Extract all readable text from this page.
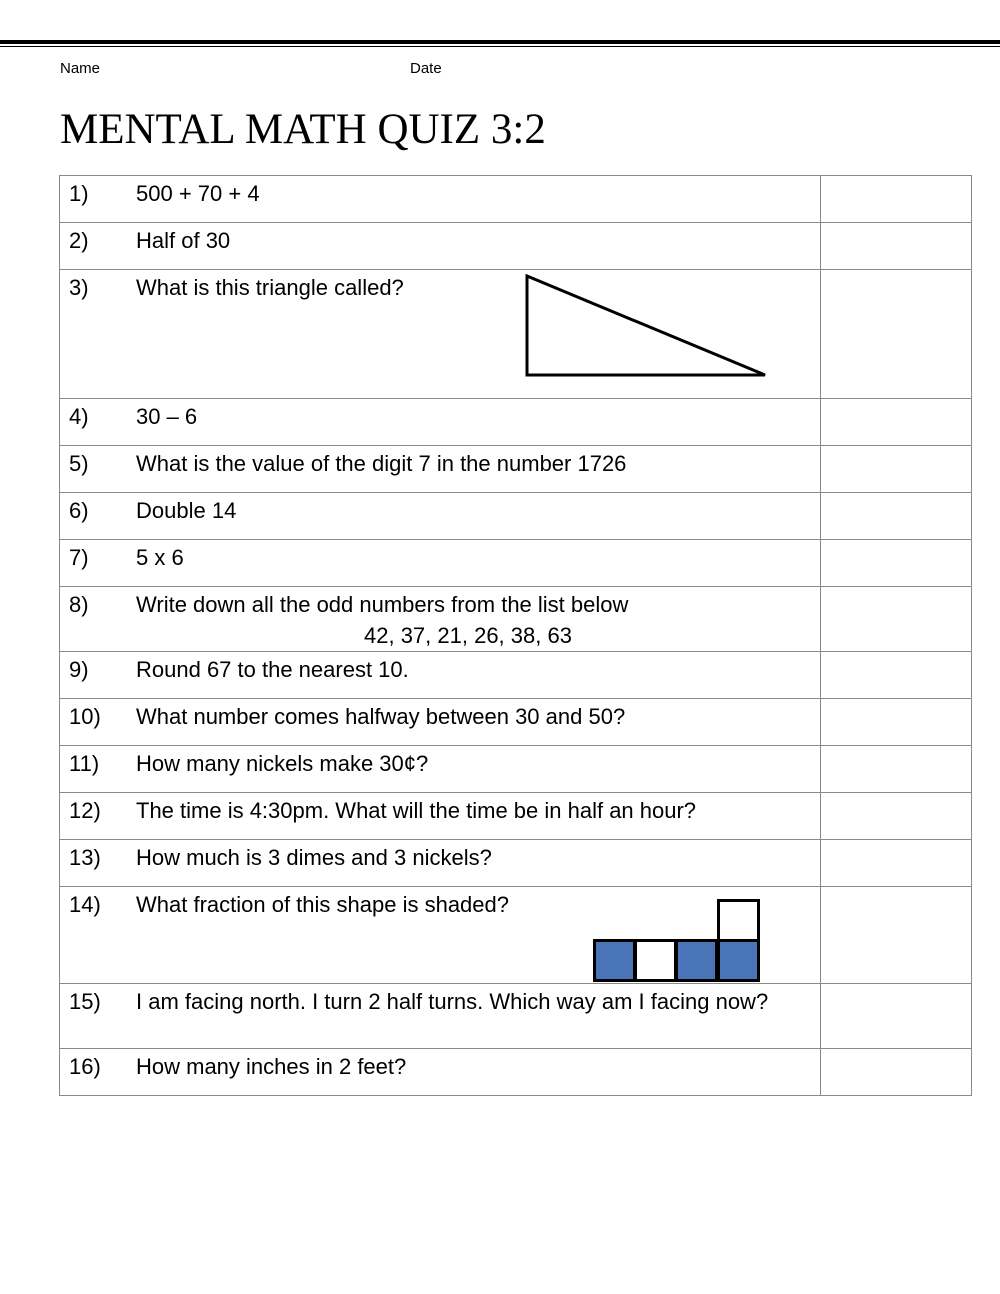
Name	Date
MENTAL MATH QUIZ 3:2
1) 500 + 70 + 4	

2) Half of 30	

3) What is this triangle called?	

4) 30 – 6	

5) What is the value of the digit 7 in the number 1726	

6) Double 14	

7) 5 x 6	

8) Write down all the odd numbers from the list below
42, 37, 21, 26, 38, 63	

9) Round 67 to the nearest 10.	

10) What number comes halfway between 30 and 50?	

11) How many nickels make 30¢?	

12) The time is 4:30pm. What will the time be in half an hour?	

13) How much is 3 dimes and 3 nickels?	

14) What fraction of this shape is shaded?	

15) I am facing north. I turn 2 half turns. Which way am I facing now?	

16) How many inches in 2 feet?	
